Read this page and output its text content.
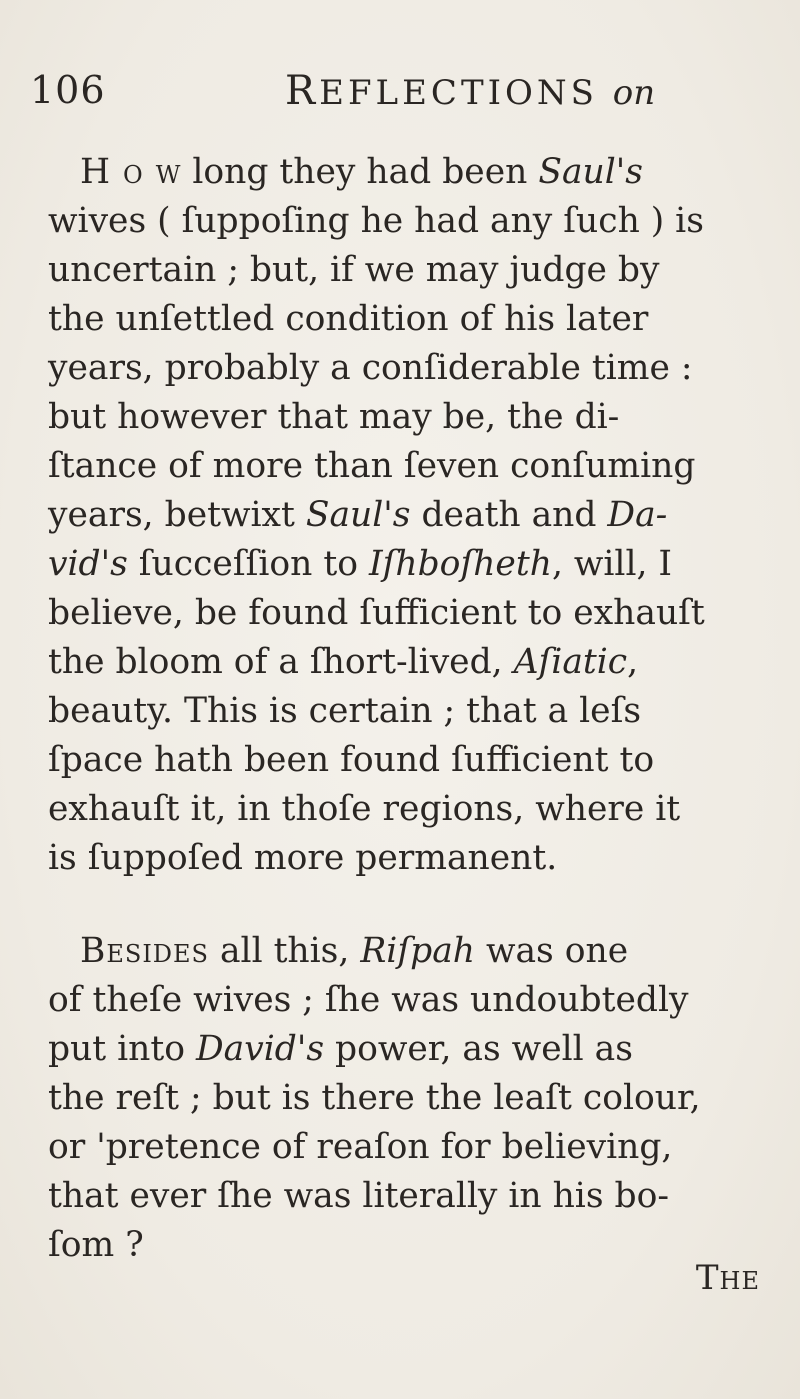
106	REFLECTIONS on
H o w long they had been Saul's
wives ( ſuppoſing he had any ſuch ) is
uncertain ; but, if we may judge by
the unſettled condition of his later
years, probably a conſiderable time :
but however that may be, the di-
ſtance of more than ſeven conſuming
years, betwixt Saul's death and Da-
vid's ſucceſſion to Iſhboſheth, will, I
believe, be found ſufficient to exhauſt
the bloom of a ſhort-lived, Aſiatic,
beauty. This is certain ; that a leſs
ſpace hath been found ſufficient to
exhauſt it, in thoſe regions, where it
is ſuppoſed more permanent.
Besides all this, Riſpah was one
of theſe wives ; ſhe was undoubtedly
put into David's power, as well as
the reſt ; but is there the leaſt colour,
or 'pretence of reaſon for believing,
that ever ſhe was literally in his bo-
ſom ?
The
